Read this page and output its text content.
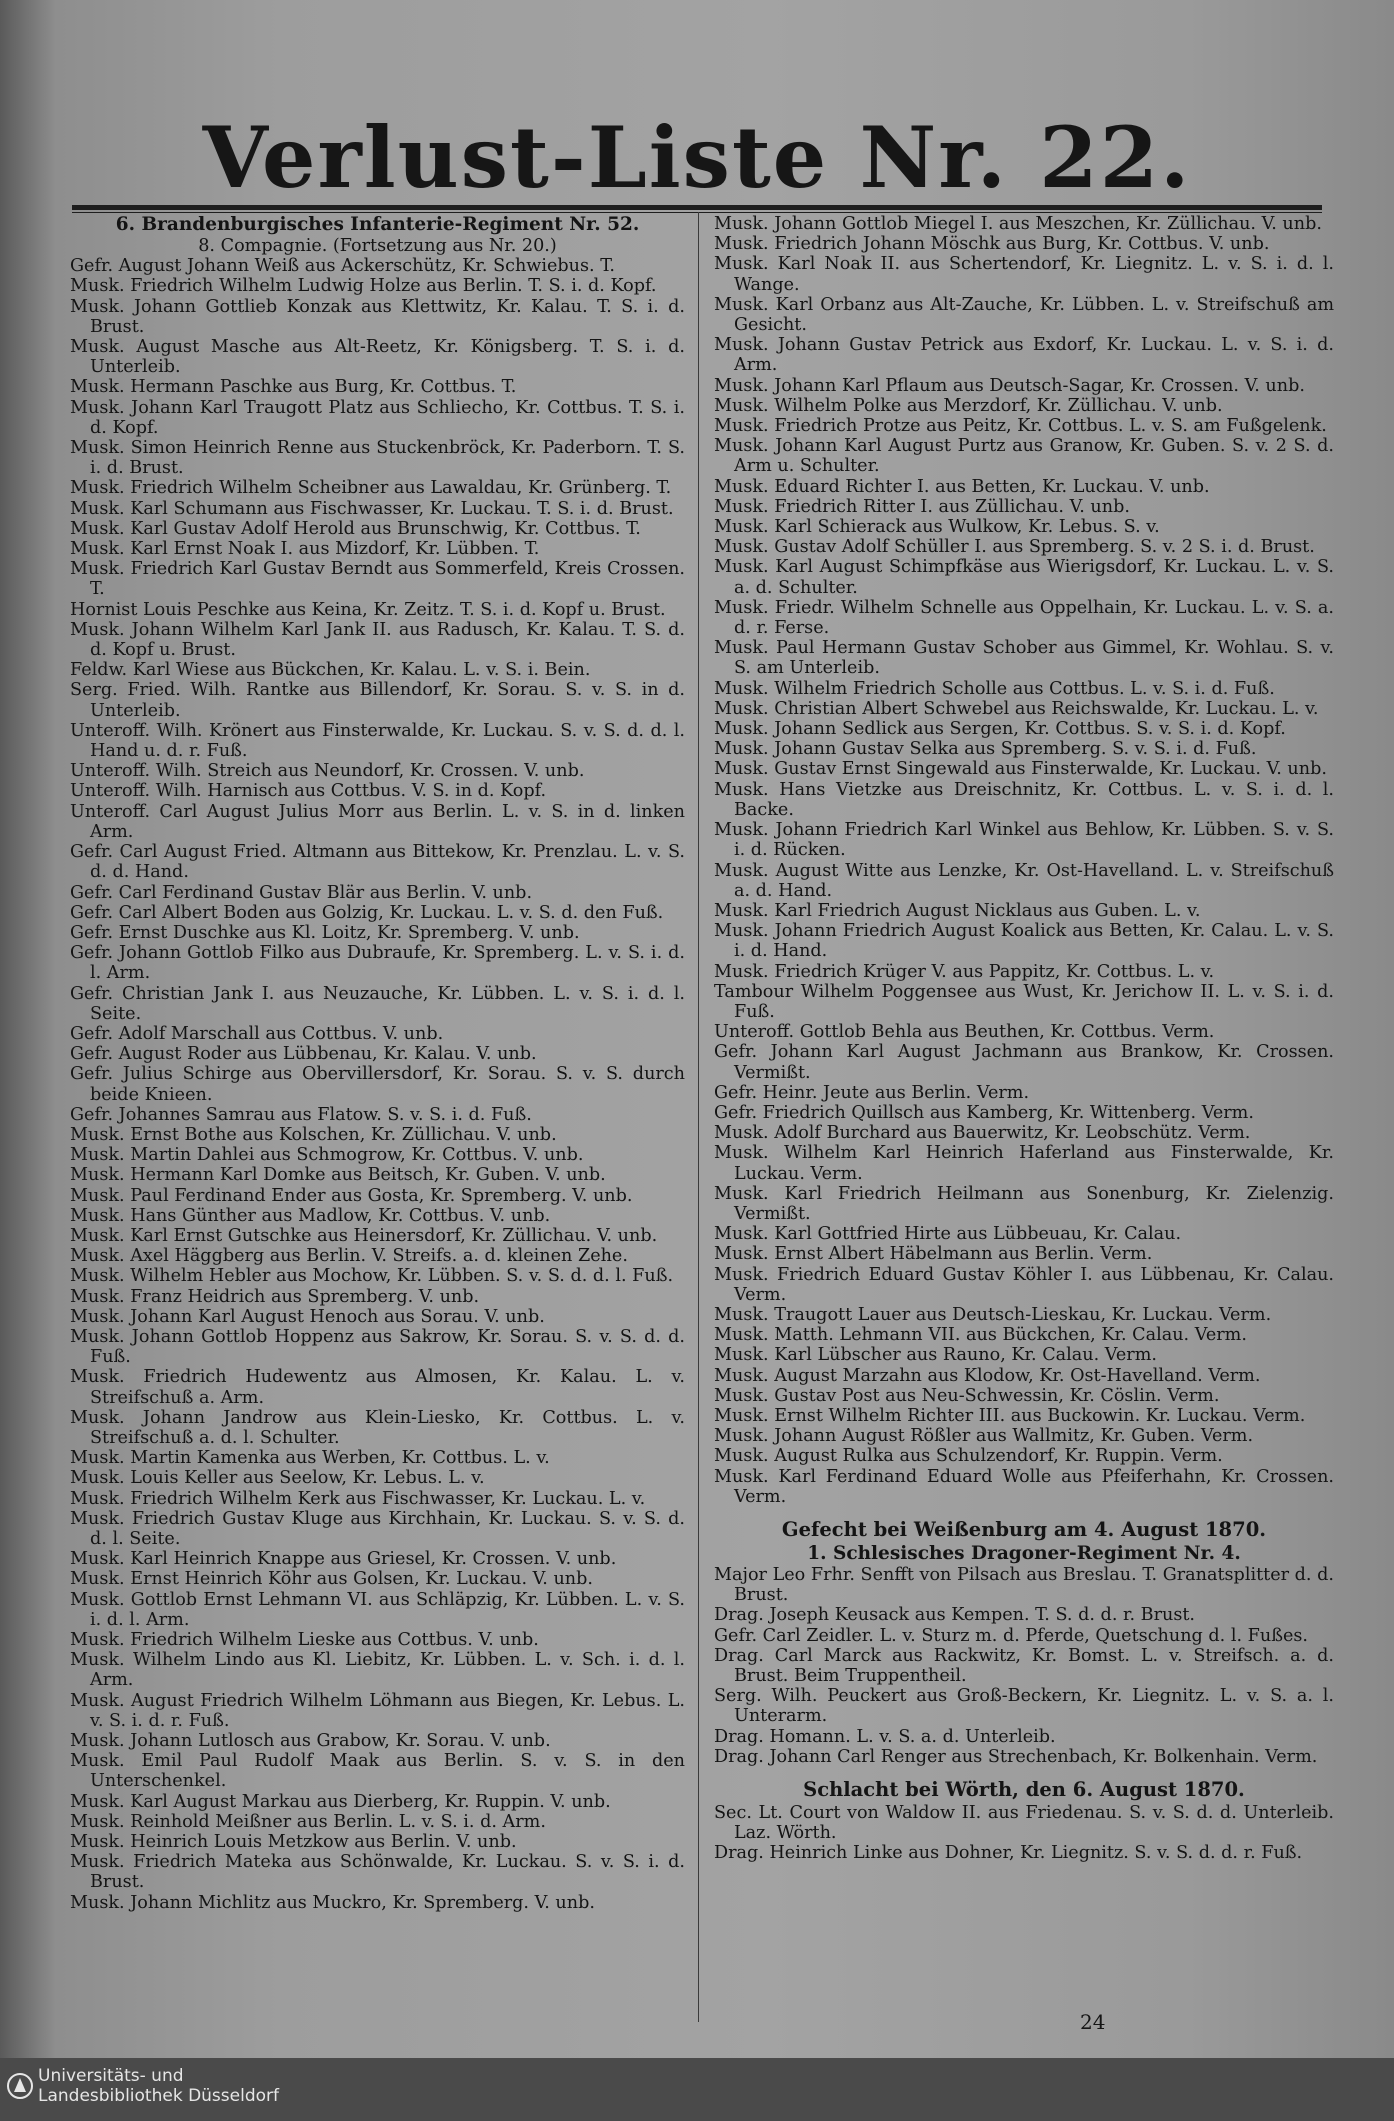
Verlust-Liste Nr. 22.

6. Brandenburgisches Infanterie-Regiment Nr. 52.

8. Compagnie. (Fortsetzung aus Nr. 20.)

Gefr. August Johann Weiß aus Ackerschütz, Kr. Schwiebus. T.

Musk. Friedrich Wilhelm Ludwig Holze aus Berlin. T. S. i. d. Kopf.

Musk. Johann Gottlieb Konzak aus Klettwitz, Kr. Kalau. T. S. i. d. Brust.

Musk. August Masche aus Alt-Reetz, Kr. Königsberg. T. S. i. d. Unterleib.

Musk. Hermann Paschke aus Burg, Kr. Cottbus. T.

Musk. Johann Karl Traugott Platz aus Schliecho, Kr. Cottbus. T. S. i. d. Kopf.

Musk. Simon Heinrich Renne aus Stuckenbröck, Kr. Paderborn. T. S. i. d. Brust.

Musk. Friedrich Wilhelm Scheibner aus Lawaldau, Kr. Grünberg. T.

Musk. Karl Schumann aus Fischwasser, Kr. Luckau. T. S. i. d. Brust.

Musk. Karl Gustav Adolf Herold aus Brunschwig, Kr. Cottbus. T.

Musk. Karl Ernst Noak I. aus Mizdorf, Kr. Lübben. T.

Musk. Friedrich Karl Gustav Berndt aus Sommerfeld, Kreis Crossen. T.

Hornist Louis Peschke aus Keina, Kr. Zeitz. T. S. i. d. Kopf u. Brust.

Musk. Johann Wilhelm Karl Jank II. aus Radusch, Kr. Kalau. T. S. d. d. Kopf u. Brust.

Feldw. Karl Wiese aus Bückchen, Kr. Kalau. L. v. S. i. Bein.

Serg. Fried. Wilh. Rantke aus Billendorf, Kr. Sorau. S. v. S. in d. Unterleib.

Unteroff. Wilh. Krönert aus Finsterwalde, Kr. Luckau. S. v. S. d. d. l. Hand u. d. r. Fuß.

Unteroff. Wilh. Streich aus Neundorf, Kr. Crossen. V. unb.

Unteroff. Wilh. Harnisch aus Cottbus. V. S. in d. Kopf.

Unteroff. Carl August Julius Morr aus Berlin. L. v. S. in d. linken Arm.

Gefr. Carl August Fried. Altmann aus Bittekow, Kr. Prenzlau. L. v. S. d. d. Hand.

Gefr. Carl Ferdinand Gustav Blär aus Berlin. V. unb.

Gefr. Carl Albert Boden aus Golzig, Kr. Luckau. L. v. S. d. den Fuß.

Gefr. Ernst Duschke aus Kl. Loitz, Kr. Spremberg. V. unb.

Gefr. Johann Gottlob Filko aus Dubraufe, Kr. Spremberg. L. v. S. i. d. l. Arm.

Gefr. Christian Jank I. aus Neuzauche, Kr. Lübben. L. v. S. i. d. l. Seite.

Gefr. Adolf Marschall aus Cottbus. V. unb.

Gefr. August Roder aus Lübbenau, Kr. Kalau. V. unb.

Gefr. Julius Schirge aus Obervillersdorf, Kr. Sorau. S. v. S. durch beide Knieen.

Gefr. Johannes Samrau aus Flatow. S. v. S. i. d. Fuß.

Musk. Ernst Bothe aus Kolschen, Kr. Züllichau. V. unb.

Musk. Martin Dahlei aus Schmogrow, Kr. Cottbus. V. unb.

Musk. Hermann Karl Domke aus Beitsch, Kr. Guben. V. unb.

Musk. Paul Ferdinand Ender aus Gosta, Kr. Spremberg. V. unb.

Musk. Hans Günther aus Madlow, Kr. Cottbus. V. unb.

Musk. Karl Ernst Gutschke aus Heinersdorf, Kr. Züllichau. V. unb.

Musk. Axel Häggberg aus Berlin. V. Streifs. a. d. kleinen Zehe.

Musk. Wilhelm Hebler aus Mochow, Kr. Lübben. S. v. S. d. d. l. Fuß.

Musk. Franz Heidrich aus Spremberg. V. unb.

Musk. Johann Karl August Henoch aus Sorau. V. unb.

Musk. Johann Gottlob Hoppenz aus Sakrow, Kr. Sorau. S. v. S. d. d. Fuß.

Musk. Friedrich Hudewentz aus Almosen, Kr. Kalau. L. v. Streifschuß a. Arm.

Musk. Johann Jandrow aus Klein-Liesko, Kr. Cottbus. L. v. Streifschuß a. d. l. Schulter.

Musk. Martin Kamenka aus Werben, Kr. Cottbus. L. v.

Musk. Louis Keller aus Seelow, Kr. Lebus. L. v.

Musk. Friedrich Wilhelm Kerk aus Fischwasser, Kr. Luckau. L. v.

Musk. Friedrich Gustav Kluge aus Kirchhain, Kr. Luckau. S. v. S. d. d. l. Seite.

Musk. Karl Heinrich Knappe aus Griesel, Kr. Crossen. V. unb.

Musk. Ernst Heinrich Köhr aus Golsen, Kr. Luckau. V. unb.

Musk. Gottlob Ernst Lehmann VI. aus Schläpzig, Kr. Lübben. L. v. S. i. d. l. Arm.

Musk. Friedrich Wilhelm Lieske aus Cottbus. V. unb.

Musk. Wilhelm Lindo aus Kl. Liebitz, Kr. Lübben. L. v. Sch. i. d. l. Arm.

Musk. August Friedrich Wilhelm Löhmann aus Biegen, Kr. Lebus. L. v. S. i. d. r. Fuß.

Musk. Johann Lutlosch aus Grabow, Kr. Sorau. V. unb.

Musk. Emil Paul Rudolf Maak aus Berlin. S. v. S. in den Unterschenkel.

Musk. Karl August Markau aus Dierberg, Kr. Ruppin. V. unb.

Musk. Reinhold Meißner aus Berlin. L. v. S. i. d. Arm.

Musk. Heinrich Louis Metzkow aus Berlin. V. unb.

Musk. Friedrich Mateka aus Schönwalde, Kr. Luckau. S. v. S. i. d. Brust.

Musk. Johann Michlitz aus Muckro, Kr. Spremberg. V. unb.

Musk. Johann Gottlob Miegel I. aus Meszchen, Kr. Züllichau. V. unb.

Musk. Friedrich Johann Möschk aus Burg, Kr. Cottbus. V. unb.

Musk. Karl Noak II. aus Schertendorf, Kr. Liegnitz. L. v. S. i. d. l. Wange.

Musk. Karl Orbanz aus Alt-Zauche, Kr. Lübben. L. v. Streifschuß am Gesicht.

Musk. Johann Gustav Petrick aus Exdorf, Kr. Luckau. L. v. S. i. d. Arm.

Musk. Johann Karl Pflaum aus Deutsch-Sagar, Kr. Crossen. V. unb.

Musk. Wilhelm Polke aus Merzdorf, Kr. Züllichau. V. unb.

Musk. Friedrich Protze aus Peitz, Kr. Cottbus. L. v. S. am Fußgelenk.

Musk. Johann Karl August Purtz aus Granow, Kr. Guben. S. v. 2 S. d. Arm u. Schulter.

Musk. Eduard Richter I. aus Betten, Kr. Luckau. V. unb.

Musk. Friedrich Ritter I. aus Züllichau. V. unb.

Musk. Karl Schierack aus Wulkow, Kr. Lebus. S. v.

Musk. Gustav Adolf Schüller I. aus Spremberg. S. v. 2 S. i. d. Brust.

Musk. Karl August Schimpfkäse aus Wierigsdorf, Kr. Luckau. L. v. S. a. d. Schulter.

Musk. Friedr. Wilhelm Schnelle aus Oppelhain, Kr. Luckau. L. v. S. a. d. r. Ferse.

Musk. Paul Hermann Gustav Schober aus Gimmel, Kr. Wohlau. S. v. S. am Unterleib.

Musk. Wilhelm Friedrich Scholle aus Cottbus. L. v. S. i. d. Fuß.

Musk. Christian Albert Schwebel aus Reichswalde, Kr. Luckau. L. v.

Musk. Johann Sedlick aus Sergen, Kr. Cottbus. S. v. S. i. d. Kopf.

Musk. Johann Gustav Selka aus Spremberg. S. v. S. i. d. Fuß.

Musk. Gustav Ernst Singewald aus Finsterwalde, Kr. Luckau. V. unb.

Musk. Hans Vietzke aus Dreischnitz, Kr. Cottbus. L. v. S. i. d. l. Backe.

Musk. Johann Friedrich Karl Winkel aus Behlow, Kr. Lübben. S. v. S. i. d. Rücken.

Musk. August Witte aus Lenzke, Kr. Ost-Havelland. L. v. Streifschuß a. d. Hand.

Musk. Karl Friedrich August Nicklaus aus Guben. L. v.

Musk. Johann Friedrich August Koalick aus Betten, Kr. Calau. L. v. S. i. d. Hand.

Musk. Friedrich Krüger V. aus Pappitz, Kr. Cottbus. L. v.

Tambour Wilhelm Poggensee aus Wust, Kr. Jerichow II. L. v. S. i. d. Fuß.

Unteroff. Gottlob Behla aus Beuthen, Kr. Cottbus. Verm.

Gefr. Johann Karl August Jachmann aus Brankow, Kr. Crossen. Vermißt.

Gefr. Heinr. Jeute aus Berlin. Verm.

Gefr. Friedrich Quillsch aus Kamberg, Kr. Wittenberg. Verm.

Musk. Adolf Burchard aus Bauerwitz, Kr. Leobschütz. Verm.

Musk. Wilhelm Karl Heinrich Haferland aus Finsterwalde, Kr. Luckau. Verm.

Musk. Karl Friedrich Heilmann aus Sonenburg, Kr. Zielenzig. Vermißt.

Musk. Karl Gottfried Hirte aus Lübbeuau, Kr. Calau.

Musk. Ernst Albert Häbelmann aus Berlin. Verm.

Musk. Friedrich Eduard Gustav Köhler I. aus Lübbenau, Kr. Calau. Verm.

Musk. Traugott Lauer aus Deutsch-Lieskau, Kr. Luckau. Verm.

Musk. Matth. Lehmann VII. aus Bückchen, Kr. Calau. Verm.

Musk. Karl Lübscher aus Rauno, Kr. Calau. Verm.

Musk. August Marzahn aus Klodow, Kr. Ost-Havelland. Verm.

Musk. Gustav Post aus Neu-Schwessin, Kr. Cöslin. Verm.

Musk. Ernst Wilhelm Richter III. aus Buckowin. Kr. Luckau. Verm.

Musk. Johann August Rößler aus Wallmitz, Kr. Guben. Verm.

Musk. August Rulka aus Schulzendorf, Kr. Ruppin. Verm.

Musk. Karl Ferdinand Eduard Wolle aus Pfeiferhahn, Kr. Crossen. Verm.

Gefecht bei Weißenburg am 4. August 1870.

1. Schlesisches Dragoner-Regiment Nr. 4.

Major Leo Frhr. Senfft von Pilsach aus Breslau. T. Granatsplitter d. d. Brust.

Drag. Joseph Keusack aus Kempen. T. S. d. d. r. Brust.

Gefr. Carl Zeidler. L. v. Sturz m. d. Pferde, Quetschung d. l. Fußes.

Drag. Carl Marck aus Rackwitz, Kr. Bomst. L. v. Streifsch. a. d. Brust. Beim Truppentheil.

Serg. Wilh. Peuckert aus Groß-Beckern, Kr. Liegnitz. L. v. S. a. l. Unterarm.

Drag. Homann. L. v. S. a. d. Unterleib.

Drag. Johann Carl Renger aus Strechenbach, Kr. Bolkenhain. Verm.

Schlacht bei Wörth, den 6. August 1870.

Sec. Lt. Court von Waldow II. aus Friedenau. S. v. S. d. d. Unterleib. Laz. Wörth.

Drag. Heinrich Linke aus Dohner, Kr. Liegnitz. S. v. S. d. d. r. Fuß.

24
Universitäts- und
Landesbibliothek Düsseldorf
